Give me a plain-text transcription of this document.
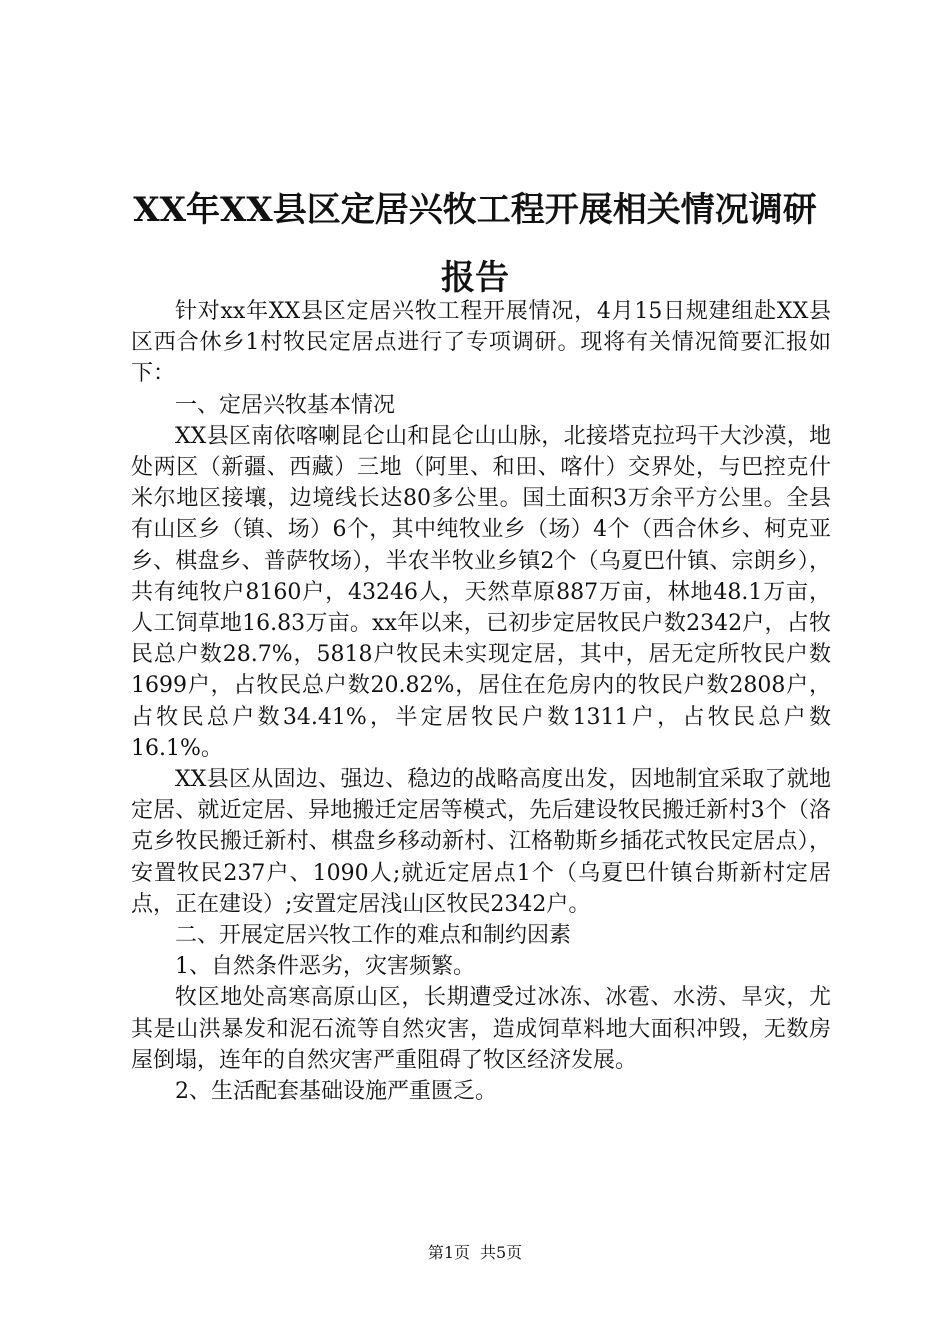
XX年XX县区定居兴牧工程开展相关情况调研
报告

针对xx年XX县区定居兴牧工程开展情况，4月15日规建组赴XX县区西合休乡1村牧民定居点进行了专项调研。现将有关情况简要汇报如下：

一、定居兴牧基本情况

XX县区南依喀喇昆仑山和昆仑山山脉，北接塔克拉玛干大沙漠，地处两区（新疆、西藏）三地（阿里、和田、喀什）交界处，与巴控克什米尔地区接壤，边境线长达80多公里。国土面积3万余平方公里。全县有山区乡（镇、场）6个，其中纯牧业乡（场）4个（西合休乡、柯克亚乡、棋盘乡、普萨牧场），半农半牧业乡镇2个（乌夏巴什镇、宗朗乡），共有纯牧户8160户，43246人，天然草原887万亩，林地48.1万亩，人工饲草地16.83万亩。xx年以来，已初步定居牧民户数2342户，占牧民总户数28.7%，5818户牧民未实现定居，其中，居无定所牧民户数1699户，占牧民总户数20.82%，居住在危房内的牧民户数2808户，占牧民总户数34.41%，半定居牧民户数1311户，占牧民总户数16.1%。

XX县区从固边、强边、稳边的战略高度出发，因地制宜采取了就地定居、就近定居、异地搬迁定居等模式，先后建设牧民搬迁新村3个（洛克乡牧民搬迁新村、棋盘乡移动新村、江格勒斯乡插花式牧民定居点），安置牧民237户、1090人;就近定居点1个（乌夏巴什镇台斯新村定居点，正在建设）;安置定居浅山区牧民2342户。

二、开展定居兴牧工作的难点和制约因素

1、自然条件恶劣，灾害频繁。

牧区地处高寒高原山区，长期遭受过冰冻、冰雹、水涝、旱灾，尤其是山洪暴发和泥石流等自然灾害，造成饲草料地大面积冲毁，无数房屋倒塌，连年的自然灾害严重阻碍了牧区经济发展。

2、生活配套基础设施严重匮乏。

第1页 共5页
